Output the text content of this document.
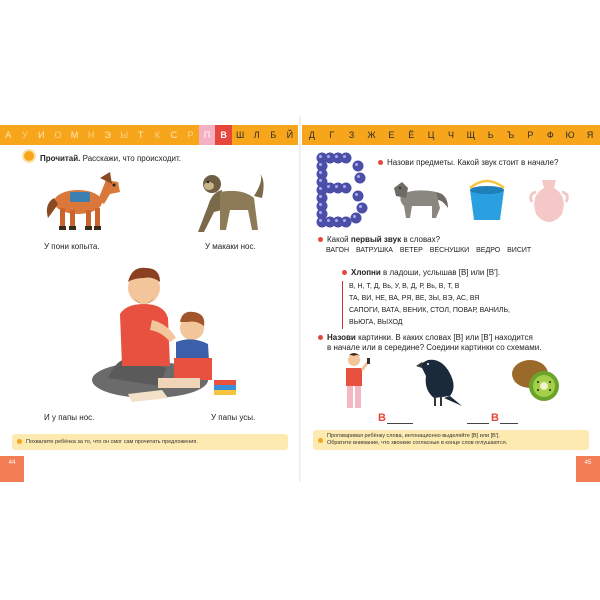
А	У	И	О	М	Н	Э	Ы	Т	К	С	Р	П	В	Ш	Л	Б	Й	Д	Г	З	Ж	Е	Ё	Ц	Ч	Щ	Ь	Ъ	Р	Ф	Ю	Я
Прочитай. Расскажи, что происходит.
У пони копыта.	У макаки нос.
И у папы нос.	У папы усы.
Похвалите ребёнка за то, что он смог сам прочитать предложения.
44
Назови предметы. Какой звук стоит в начале?
Какой первый звук в словах?
ВАГОН ВАТРУШКА ВЕТЕР ВЕСНУШКИ ВЕДРО ВИСИТ
Хлопни в ладоши, услышав [В] или [В'].
В, Н, Т, Д, Вь, У, В, Д, Р, Вь, В, Т, В
ТА, ВИ, НЕ, ВА, РЯ, ВЕ, ЗЫ, ВЭ, АС, ВЯ
САПОГИ, ВАТА, ВЕНИК, СТОЛ, ПОВАР, ВАНИЛЬ,
ВЬЮГА, ВЫХОД
Назови картинки. В каких словах [В] или [В'] находится
в начале или в середине? Соедини картинки со схемами.
В	В
Проговаривая ребёнку слова, интонационно выделяйте [В] или [В'].
Обратите внимание, что звонкие согласные в конце слов оглушаются.
45
